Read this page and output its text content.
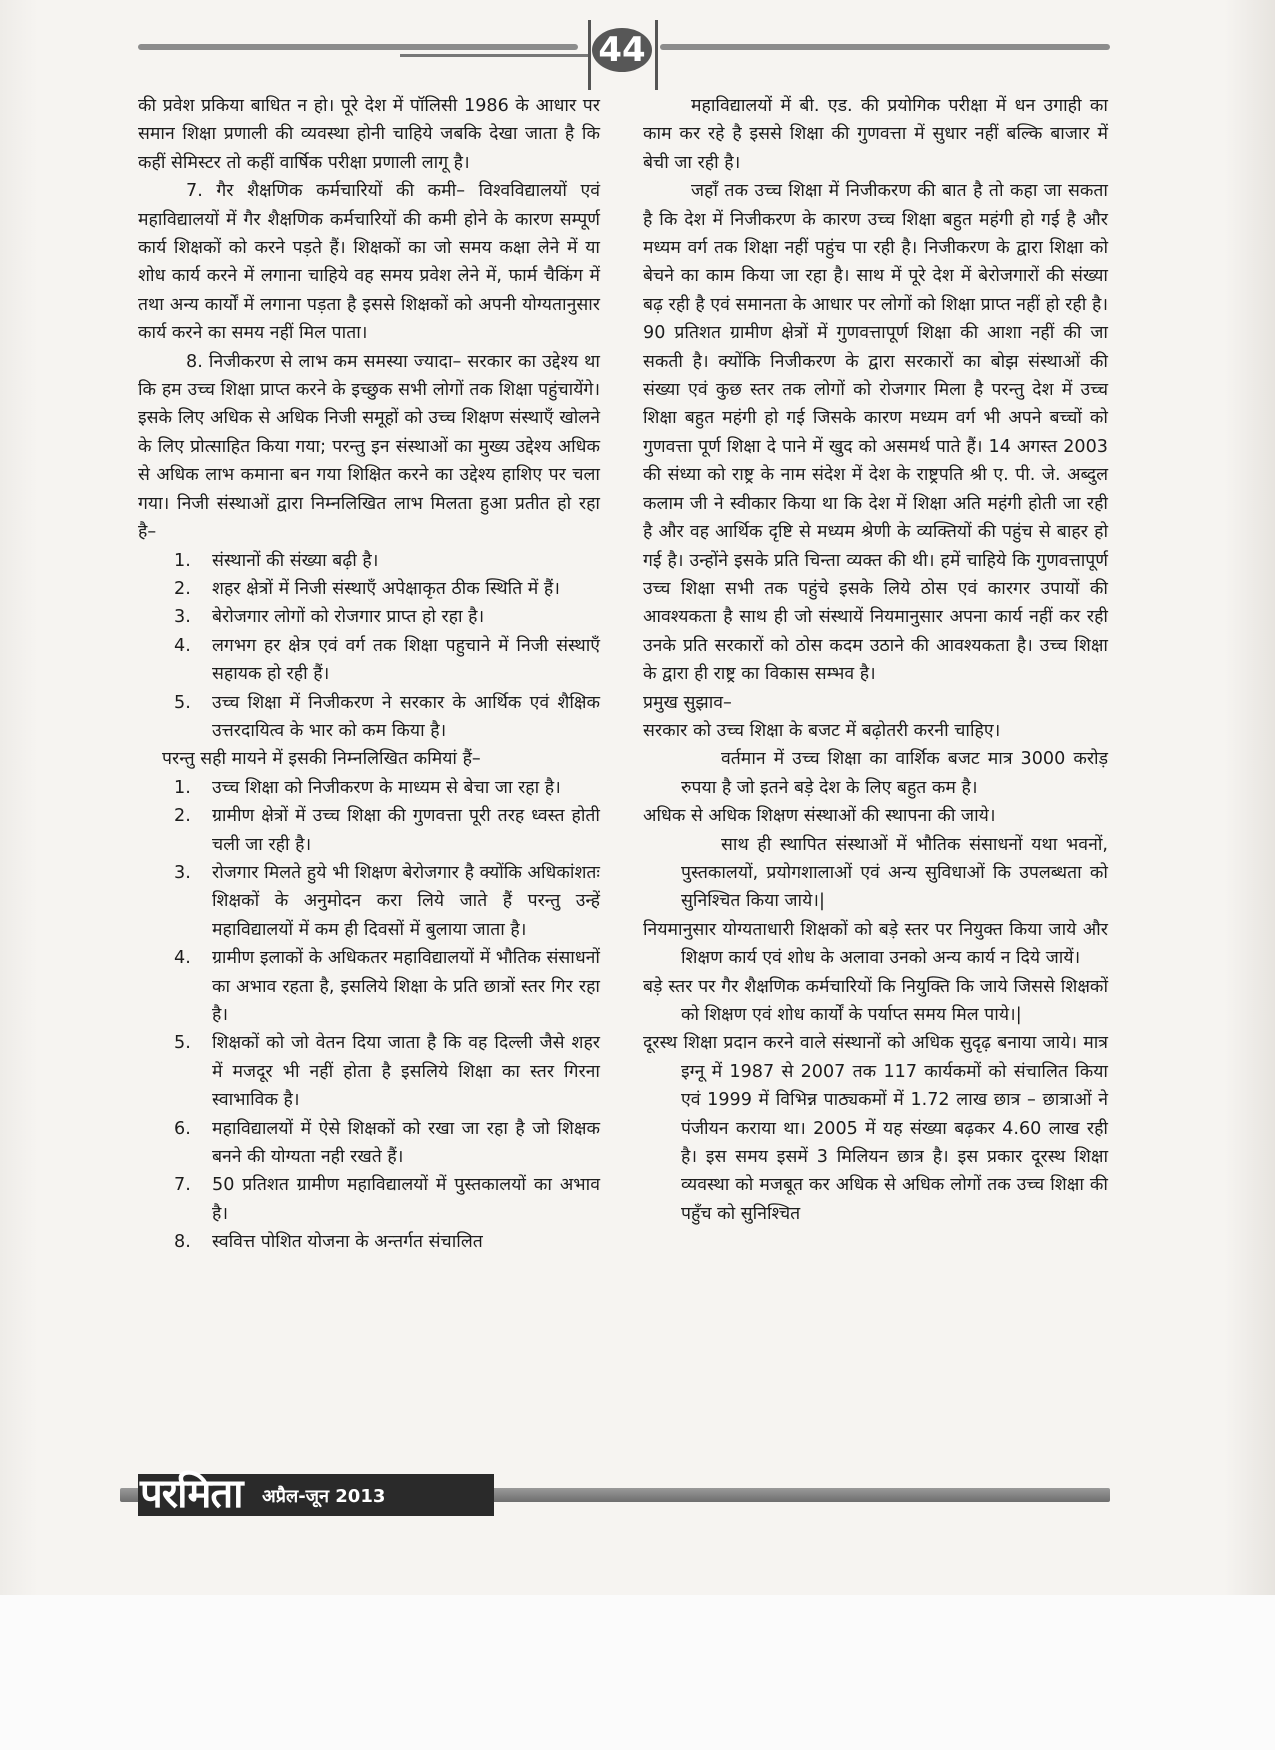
44

की प्रवेश प्रकिया बाधित न हो। पूरे देश में पॉलिसी 1986 के आधार पर समान शिक्षा प्रणाली की व्यवस्था होनी चाहिये जबकि देखा जाता है कि कहीं सेमिस्टर तो कहीं वार्षिक परीक्षा प्रणाली लागू है।

7. गैर शैक्षणिक कर्मचारियों की कमी– विश्वविद्यालयों एवं महाविद्यालयों में गैर शैक्षणिक कर्मचारियों की कमी होने के कारण सम्पूर्ण कार्य शिक्षकों को करने पड़ते हैं। शिक्षकों का जो समय कक्षा लेने में या शोध कार्य करने में लगाना चाहिये वह समय प्रवेश लेने में, फार्म चैकिंग में तथा अन्य कार्यों में लगाना पड़ता है इससे शिक्षकों को अपनी योग्यतानुसार कार्य करने का समय नहीं मिल पाता।

8. निजीकरण से लाभ कम समस्या ज्यादा– सरकार का उद्देश्य था कि हम उच्च शिक्षा प्राप्त करने के इच्छुक सभी लोगों तक शिक्षा पहुंचायेंगे। इसके लिए अधिक से अधिक निजी समूहों को उच्च शिक्षण संस्थाएँ खोलने के लिए प्रोत्साहित किया गया; परन्तु इन संस्थाओं का मुख्य उद्देश्य अधिक से अधिक लाभ कमाना बन गया शिक्षित करने का उद्देश्य हाशिए पर चला गया। निजी संस्थाओं द्वारा निम्नलिखित लाभ मिलता हुआ प्रतीत हो रहा है–

1. संस्थानों की संख्या बढ़ी है।
2. शहर क्षेत्रों में निजी संस्थाएँ अपेक्षाकृत ठीक स्थिति में हैं।
3. बेरोजगार लोगों को रोजगार प्राप्त हो रहा है।
4. लगभग हर क्षेत्र एवं वर्ग तक शिक्षा पहुचाने में निजी संस्थाएँ सहायक हो रही हैं।
5. उच्च शिक्षा में निजीकरण ने सरकार के आर्थिक एवं शैक्षिक उत्तरदायित्व के भार को कम किया है।

परन्तु सही मायने में इसकी निम्नलिखित कमियां हैं–

1. उच्च शिक्षा को निजीकरण के माध्यम से बेचा जा रहा है।
2. ग्रामीण क्षेत्रों में उच्च शिक्षा की गुणवत्ता पूरी तरह ध्वस्त होती चली जा रही है।
3. रोजगार मिलते हुये भी शिक्षण बेरोजगार है क्योंकि अधिकांशतः शिक्षकों के अनुमोदन करा लिये जाते हैं परन्तु उन्हें महाविद्यालयों में कम ही दिवसों में बुलाया जाता है।
4. ग्रामीण इलाकों के अधिकतर महाविद्यालयों में भौतिक संसाधनों का अभाव रहता है, इसलिये शिक्षा के प्रति छात्रों स्तर गिर रहा है।
5. शिक्षकों को जो वेतन दिया जाता है कि वह दिल्ली जैसे शहर में मजदूर भी नहीं होता है इसलिये शिक्षा का स्तर गिरना स्वाभाविक है।
6. महाविद्यालयों में ऐसे शिक्षकों को रखा जा रहा है जो शिक्षक बनने की योग्यता नही रखते हैं।
7. 50 प्रतिशत ग्रामीण महाविद्यालयों में पुस्तकालयों का अभाव है।
8. स्ववित्त पोशित योजना के अन्तर्गत संचालित

महाविद्यालयों में बी. एड. की प्रयोगिक परीक्षा में धन उगाही का काम कर रहे है इससे शिक्षा की गुणवत्ता में सुधार नहीं बल्कि बाजार में बेची जा रही है।

जहाँ तक उच्च शिक्षा में निजीकरण की बात है तो कहा जा सकता है कि देश में निजीकरण के कारण उच्च शिक्षा बहुत महंगी हो गई है और मध्यम वर्ग तक शिक्षा नहीं पहुंच पा रही है। निजीकरण के द्वारा शिक्षा को बेचने का काम किया जा रहा है। साथ में पूरे देश में बेरोजगारों की संख्या बढ़ रही है एवं समानता के आधार पर लोगों को शिक्षा प्राप्त नहीं हो रही है। 90 प्रतिशत ग्रामीण क्षेत्रों में गुणवत्तापूर्ण शिक्षा की आशा नहीं की जा सकती है। क्योंकि निजीकरण के द्वारा सरकारों का बोझ संस्थाओं की संख्या एवं कुछ स्तर तक लोगों को रोजगार मिला है परन्तु देश में उच्च शिक्षा बहुत महंगी हो गई जिसके कारण मध्यम वर्ग भी अपने बच्चों को गुणवत्ता पूर्ण शिक्षा दे पाने में खुद को असमर्थ पाते हैं। 14 अगस्त 2003 की संध्या को राष्ट्र के नाम संदेश में देश के राष्ट्रपति श्री ए. पी. जे. अब्दुल कलाम जी ने स्वीकार किया था कि देश में शिक्षा अति महंगी होती जा रही है और वह आर्थिक दृष्टि से मध्यम श्रेणी के व्यक्तियों की पहुंच से बाहर हो गई है। उन्होंने इसके प्रति चिन्ता व्यक्त की थी। हमें चाहिये कि गुणवत्तापूर्ण उच्च शिक्षा सभी तक पहुंचे इसके लिये ठोस एवं कारगर उपायों की आवश्यकता है साथ ही जो संस्थायें नियमानुसार अपना कार्य नहीं कर रही उनके प्रति सरकारों को ठोस कदम उठाने की आवश्यकता है। उच्च शिक्षा के द्वारा ही राष्ट्र का विकास सम्भव है।

प्रमुख सुझाव–

सरकार को उच्च शिक्षा के बजट में बढ़ोतरी करनी चाहिए।

वर्तमान में उच्च शिक्षा का वार्शिक बजट मात्र 3000 करोड़ रुपया है जो इतने बड़े देश के लिए बहुत कम है।

अधिक से अधिक शिक्षण संस्थाओं की स्थापना की जाये।

साथ ही स्थापित संस्थाओं में भौतिक संसाधनों यथा भवनों, पुस्तकालयों, प्रयोगशालाओं एवं अन्य सुविधाओं कि उपलब्धता को सुनिश्चित किया जाये।|

नियमानुसार योग्यताधारी शिक्षकों को बड़े स्तर पर नियुक्त किया जाये और शिक्षण कार्य एवं शोध के अलावा उनको अन्य कार्य न दिये जायें।

बड़े स्तर पर गैर शैक्षणिक कर्मचारियों कि नियुक्ति कि जाये जिससे शिक्षकों को शिक्षण एवं शोध कार्यों के पर्याप्त समय मिल पाये।|

दूरस्थ शिक्षा प्रदान करने वाले संस्थानों को अधिक सुदृढ़ बनाया जाये। मात्र इग्नू में 1987 से 2007 तक 117 कार्यकमों को संचालित किया एवं 1999 में विभिन्न पाठ्यकमों में 1.72 लाख छात्र – छात्राओं ने पंजीयन कराया था। 2005 में यह संख्या बढ़कर 4.60 लाख रही है। इस समय इसमें 3 मिलियन छात्र है। इस प्रकार दूरस्थ शिक्षा व्यवस्था को मजबूत कर अधिक से अधिक लोगों तक उच्च शिक्षा की पहुँच को सुनिश्चित

परमिता अप्रैल-जून 2013
